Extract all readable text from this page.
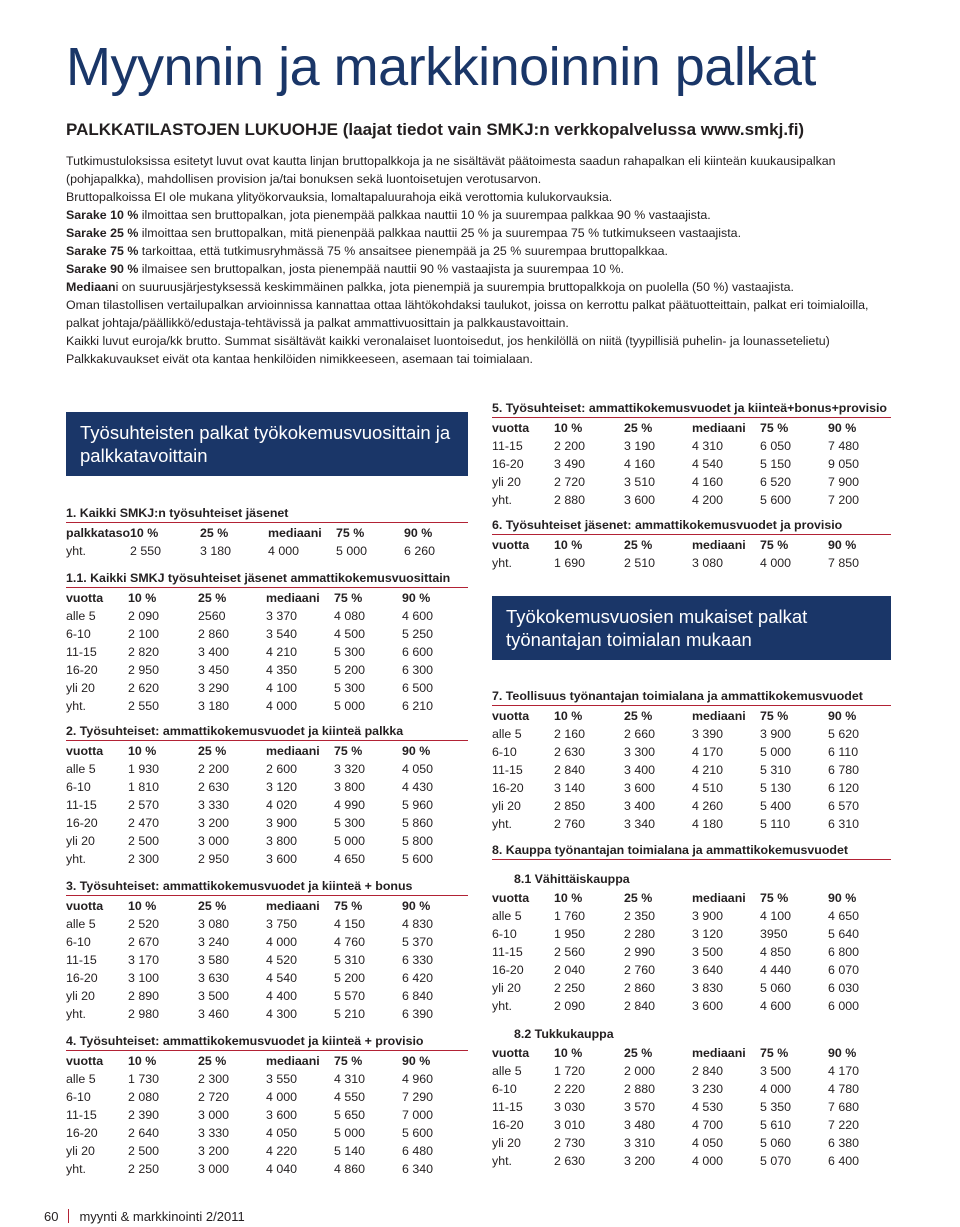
Myynnin ja markkinoinnin palkat
PALKKATILASTOJEN LUKUOHJE (laajat tiedot vain SMKJ:n verkkopalvelussa www.smkj.fi)

Tutkimustuloksissa esitetyt luvut ovat kautta linjan bruttopalkkoja ja ne sisältävät päätoimesta saadun rahapalkan eli kiinteän kuukausipalkan (pohjapalkka), mahdollisen provision ja/tai bonuksen sekä luontoisetujen verotusarvon.

Bruttopalkoissa EI ole mukana ylityökorvauksia, lomaltapaluurahoja eikä verottomia kulukorvauksia.

Sarake 10 % ilmoittaa sen bruttopalkan, jota pienempää palkkaa nauttii 10 % ja suurempaa palkkaa 90 % vastaajista.

Sarake 25 % ilmoittaa sen bruttopalkan, mitä pienenpää palkkaa nauttii 25 % ja suurempaa 75 % tutkimukseen vastaajista.

Sarake 75 % tarkoittaa, että tutkimusryhmässä 75 % ansaitsee pienempää ja 25 % suurempaa bruttopalkkaa.

Sarake 90 % ilmaisee sen bruttopalkan, josta pienempää nauttii 90 % vastaajista ja suurempaa 10 %.

Mediaani on suuruusjärjestyksessä keskimmäinen palkka, jota pienempiä ja suurempia bruttopalkkoja on puolella (50 %) vastaajista.

Oman tilastollisen vertailupalkan arvioinnissa kannattaa ottaa lähtökohdaksi taulukot, joissa on kerrottu palkat päätuotteittain, palkat eri toimialoilla, palkat johtaja/päällikkö/edustaja-tehtävissä ja palkat ammattivuosittain ja palkkaustavoittain.

Kaikki luvut euroja/kk brutto. Summat sisältävät kaikki veronalaiset luontoisedut, jos henkilöllä on niitä (tyypillisiä puhelin- ja lounassetelietu)

Palkkakuvaukset eivät ota kantaa henkilöiden nimikkeeseen, asemaan tai toimialaan.

Työsuhteisten palkat työkokemusvuosittain ja palkkatavoittain
Työkokemusvuosien mukaiset palkat työnantajan toimialan mukaan
1. Kaikki SMKJ:n työsuhteiset jäsenet
palkkataso 10 %	25 %	mediaani	75 %	90 %
yht.	2 550	3 180	4 000	5 000	6 260
1.1. Kaikki SMKJ työsuhteiset jäsenet ammattikokemusvuosittain
vuotta	10 %	25 %	mediaani	75 %	90 %
alle 5	2 090	2560	3 370	4 080	4 600
6-10	2 100	2 860	3 540	4 500	5 250
11-15	2 820	3 400	4 210	5 300	6 600
16-20	2 950	3 450	4 350	5 200	6 300
yli 20	2 620	3 290	4 100	5 300	6 500
yht.	2 550	3 180	4 000	5 000	6 210
2. Työsuhteiset: ammattikokemusvuodet ja kiinteä palkka
vuotta	10 %	25 %	mediaani	75 %	90 %
alle 5	1 930	2 200	2 600	3 320	4 050
6-10	1 810	2 630	3 120	3 800	4 430
11-15	2 570	3 330	4 020	4 990	5 960
16-20	2 470	3 200	3 900	5 300	5 860
yli 20	2 500	3 000	3 800	5 000	5 800
yht.	2 300	2 950	3 600	4 650	5 600
3. Työsuhteiset: ammattikokemusvuodet ja kiinteä + bonus
vuotta	10 %	25 %	mediaani	75 %	90 %
alle 5	2 520	3 080	3 750	4 150	4 830
6-10	2 670	3 240	4 000	4 760	5 370
11-15	3 170	3 580	4 520	5 310	6 330
16-20	3 100	3 630	4 540	5 200	6 420
yli 20	2 890	3 500	4 400	5 570	6 840
yht.	2 980	3 460	4 300	5 210	6 390
4. Työsuhteiset: ammattikokemusvuodet ja kiinteä + provisio
vuotta	10 %	25 %	mediaani	75 %	90 %
alle 5	1 730	2 300	3 550	4 310	4 960
6-10	2 080	2 720	4 000	4 550	7 290
11-15	2 390	3 000	3 600	5 650	7 000
16-20	2 640	3 330	4 050	5 000	5 600
yli 20	2 500	3 200	4 220	5 140	6 480
yht.	2 250	3 000	4 040	4 860	6 340
5. Työsuhteiset: ammattikokemusvuodet ja kiinteä+bonus+provisio
vuotta	10 %	25 %	mediaani	75 %	90 %
11-15	2 200	3 190	4 310	6 050	7 480
16-20	3 490	4 160	4 540	5 150	9 050
yli 20	2 720	3 510	4 160	6 520	7 900
yht.	2 880	3 600	4 200	5 600	7 200
6. Työsuhteiset jäsenet: ammattikokemusvuodet ja provisio
vuotta	10 %	25 %	mediaani	75 %	90 %
yht.	1 690	2 510	3 080	4 000	7 850
7. Teollisuus työnantajan toimialana ja ammattikokemusvuodet
vuotta	10 %	25 %	mediaani	75 %	90 %
alle 5	2 160	2 660	3 390	3 900	5 620
6-10	2 630	3 300	4 170	5 000	6 110
11-15	2 840	3 400	4 210	5 310	6 780
16-20	3 140	3 600	4 510	5 130	6 120
yli 20	2 850	3 400	4 260	5 400	6 570
yht.	2 760	3 340	4 180	5 110	6 310
8. Kauppa työnantajan toimialana ja ammattikokemusvuodet
8.1 Vähittäiskauppa
vuotta	10 %	25 %	mediaani	75 %	90 %
alle 5	1 760	2 350	3 900	4 100	4 650
6-10	1 950	2 280	3 120	3950	5 640
11-15	2 560	2 990	3 500	4 850	6 800
16-20	2 040	2 760	3 640	4 440	6 070
yli 20	2 250	2 860	3 830	5 060	6 030
yht.	2 090	2 840	3 600	4 600	6 000
8.2 Tukkukauppa
vuotta	10 %	25 %	mediaani	75 %	90 %
alle 5	1 720	2 000	2 840	3 500	4 170
6-10	2 220	2 880	3 230	4 000	4 780
11-15	3 030	3 570	4 530	5 350	7 680
16-20	3 010	3 480	4 700	5 610	7 220
yli 20	2 730	3 310	4 050	5 060	6 380
yht.	2 630	3 200	4 000	5 070	6 400
60 myynti & markkinointi 2/2011
